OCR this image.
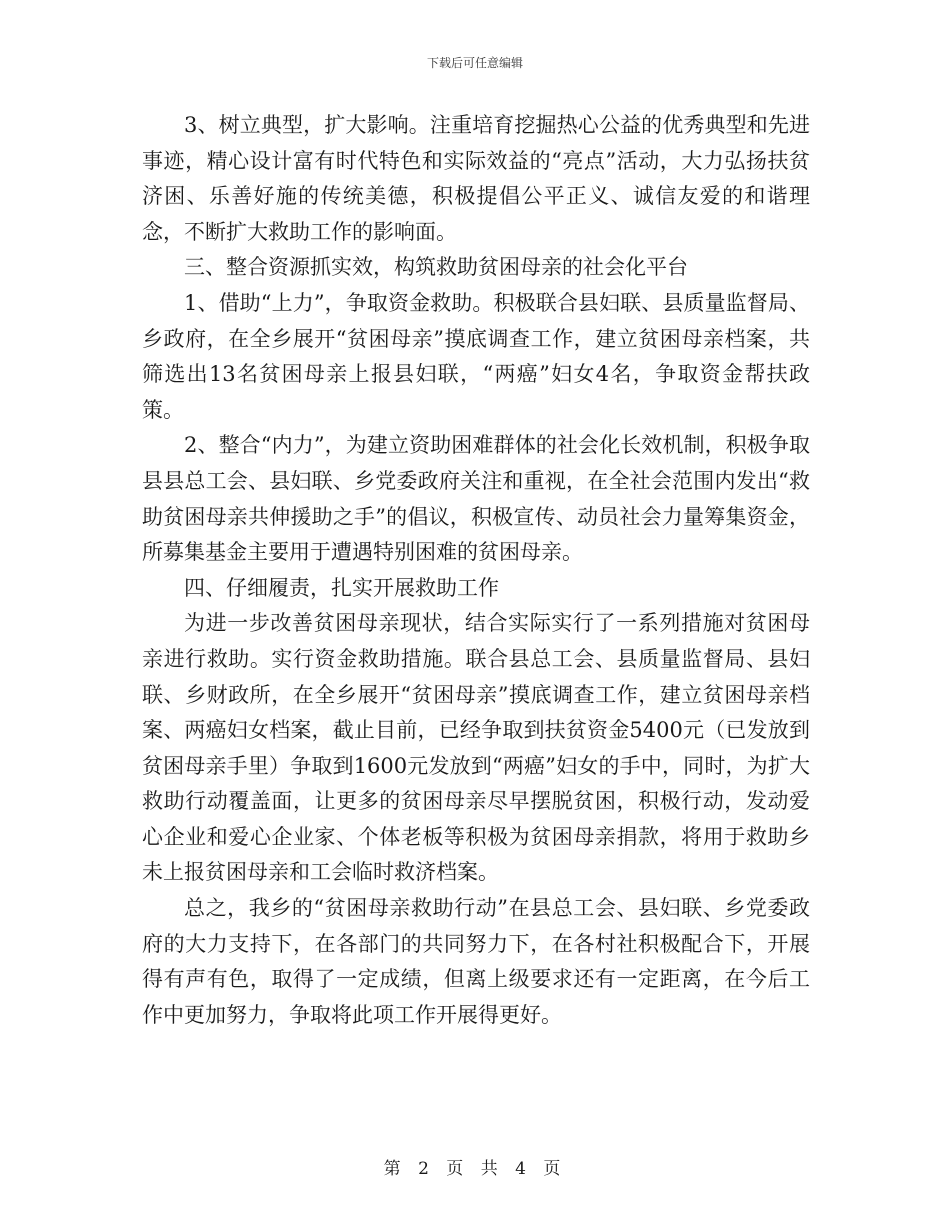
下载后可任意编辑

3、树立典型，扩大影响。注重培育挖掘热心公益的优秀典型和先进事迹，精心设计富有时代特色和实际效益的“亮点”活动，大力弘扬扶贫济困、乐善好施的传统美德，积极提倡公平正义、诚信友爱的和谐理念，不断扩大救助工作的影响面。

三、整合资源抓实效，构筑救助贫困母亲的社会化平台

1、借助“上力”，争取资金救助。积极联合县妇联、县质量监督局、乡政府，在全乡展开“贫困母亲”摸底调查工作，建立贫困母亲档案，共筛选出13名贫困母亲上报县妇联，“两癌”妇女4名，争取资金帮扶政策。

2、整合“内力”，为建立资助困难群体的社会化长效机制，积极争取县县总工会、县妇联、乡党委政府关注和重视，在全社会范围内发出“救助贫困母亲共伸援助之手”的倡议，积极宣传、动员社会力量筹集资金，所募集基金主要用于遭遇特别困难的贫困母亲。

四、仔细履责，扎实开展救助工作

为进一步改善贫困母亲现状，结合实际实行了一系列措施对贫困母亲进行救助。实行资金救助措施。联合县总工会、县质量监督局、县妇联、乡财政所，在全乡展开“贫困母亲”摸底调查工作，建立贫困母亲档案、两癌妇女档案，截止目前，已经争取到扶贫资金5400元（已发放到贫困母亲手里）争取到1600元发放到“两癌”妇女的手中，同时，为扩大救助行动覆盖面，让更多的贫困母亲尽早摆脱贫困，积极行动，发动爱心企业和爱心企业家、个体老板等积极为贫困母亲捐款，将用于救助乡未上报贫困母亲和工会临时救济档案。

总之，我乡的“贫困母亲救助行动”在县总工会、县妇联、乡党委政府的大力支持下，在各部门的共同努力下，在各村社积极配合下，开展得有声有色，取得了一定成绩，但离上级要求还有一定距离，在今后工作中更加努力，争取将此项工作开展得更好。

第 2 页 共 4 页
